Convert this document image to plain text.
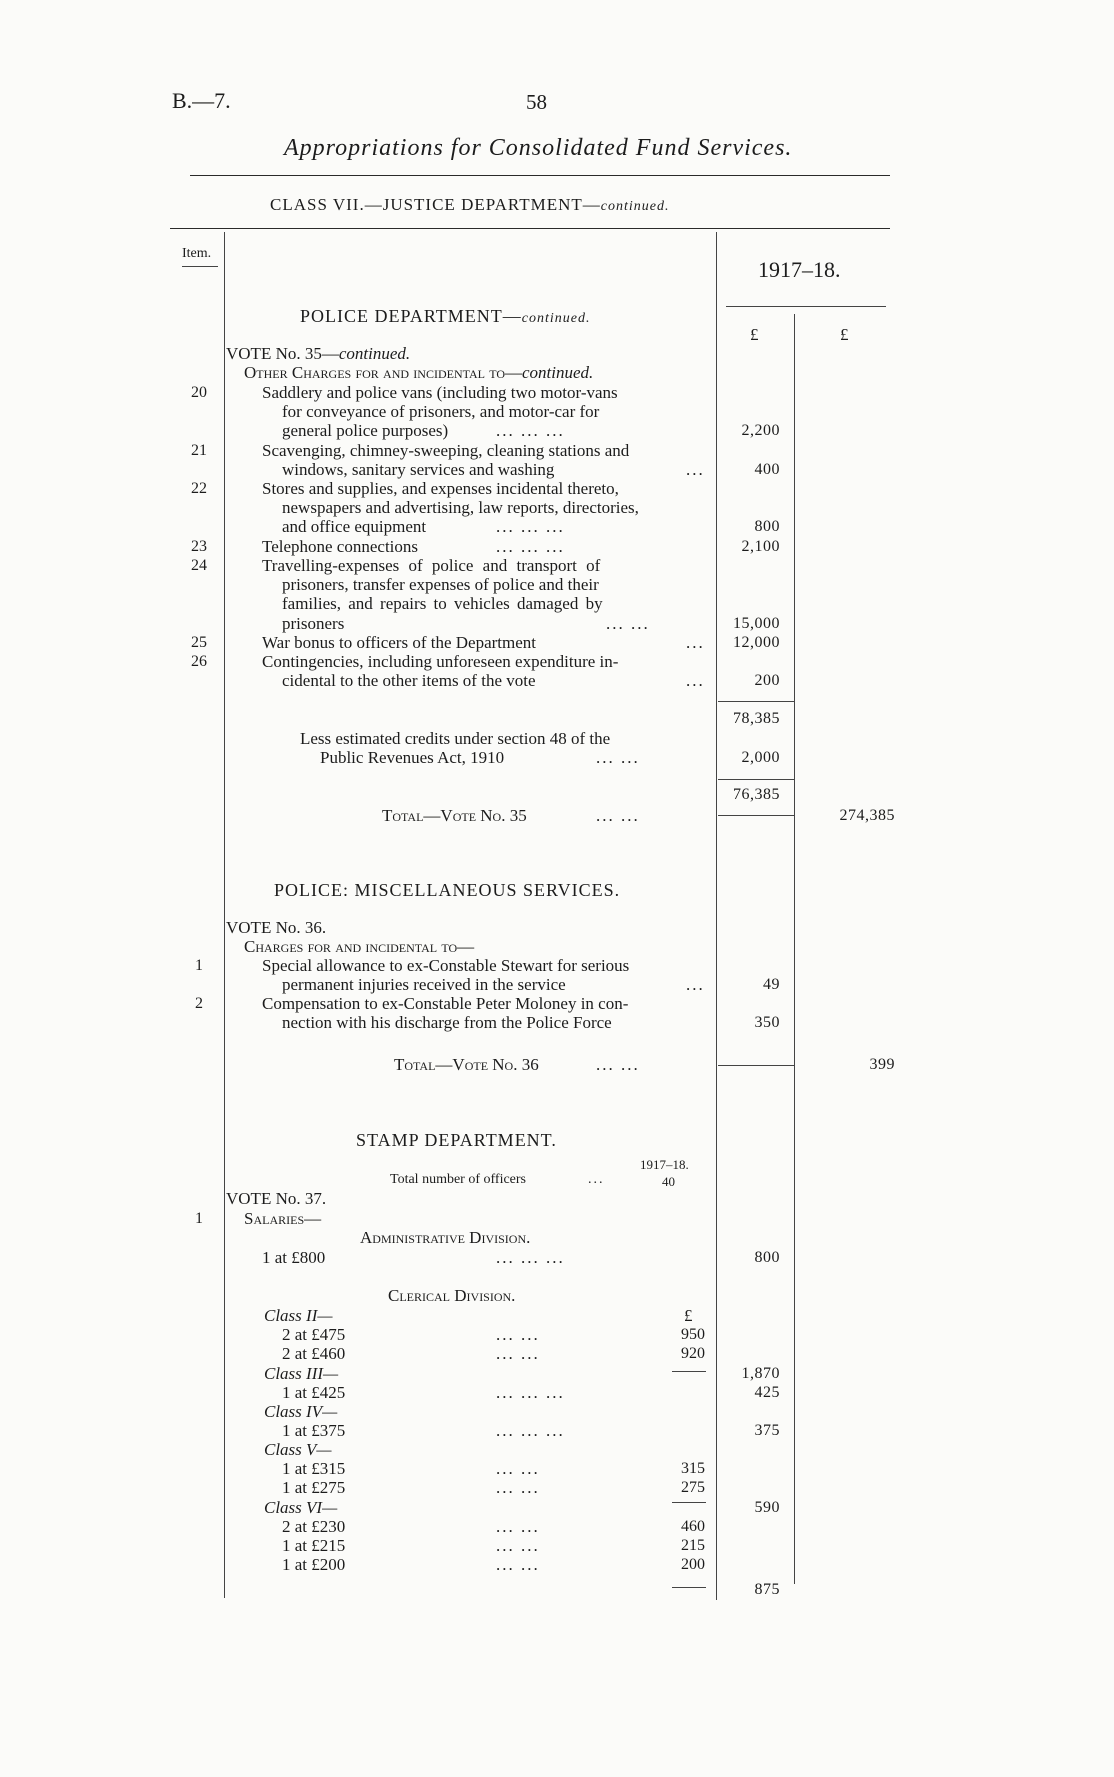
B.—7.	58
Appropriations for Consolidated Fund Services.
CLASS VII.—JUSTICE DEPARTMENT—continued.
Item.
1917–18.
£	£
POLICE DEPARTMENT—continued.
VOTE No. 35—continued.
Other Charges for and incidental to—continued.
20	Saddlery and police vans (including two motor-vans
for conveyance of prisoners, and motor-car for
general police purposes)	... ... ...	2,200
21	Scavenging, chimney-sweeping, cleaning stations and
windows, sanitary services and washing	...	400
22	Stores and supplies, and expenses incidental thereto,
newspapers and advertising, law reports, directories,
and office equipment	... ... ...	800
23	Telephone connections	... ... ...	2,100
24	Travelling-expenses of police and transport of
prisoners, transfer expenses of police and their
families, and repairs to vehicles damaged by
prisoners	... ...	15,000
25	War bonus to officers of the Department	...	12,000
26	Contingencies, including unforeseen expenditure in-
cidental to the other items of the vote	...	200
78,385
Less estimated credits under section 48 of the
Public Revenues Act, 1910	... ...	2,000
76,385
Total—Vote No. 35	... ...	274,385
POLICE: MISCELLANEOUS SERVICES.
VOTE No. 36.
Charges for and incidental to—
1	Special allowance to ex-Constable Stewart for serious
permanent injuries received in the service	...	49
2	Compensation to ex-Constable Peter Moloney in con-
nection with his discharge from the Police Force	350
Total—Vote No. 36	... ...	399
STAMP DEPARTMENT.
1917–18.
Total number of officers	...	40
VOTE No. 37.
1	Salaries—
Administrative Division.
1 at £800	... ... ...	800
Clerical Division.
£
Class II—
2 at £475	... ...	950
2 at £460	... ...	920
1,870
Class III—
1 at £425	... ... ...	425
Class IV—
1 at £375	... ... ...	375
Class V—
1 at £315	... ...	315
1 at £275	... ...	275
590
Class VI—
2 at £230	... ...	460
1 at £215	... ...	215
1 at £200	... ...	200
875
